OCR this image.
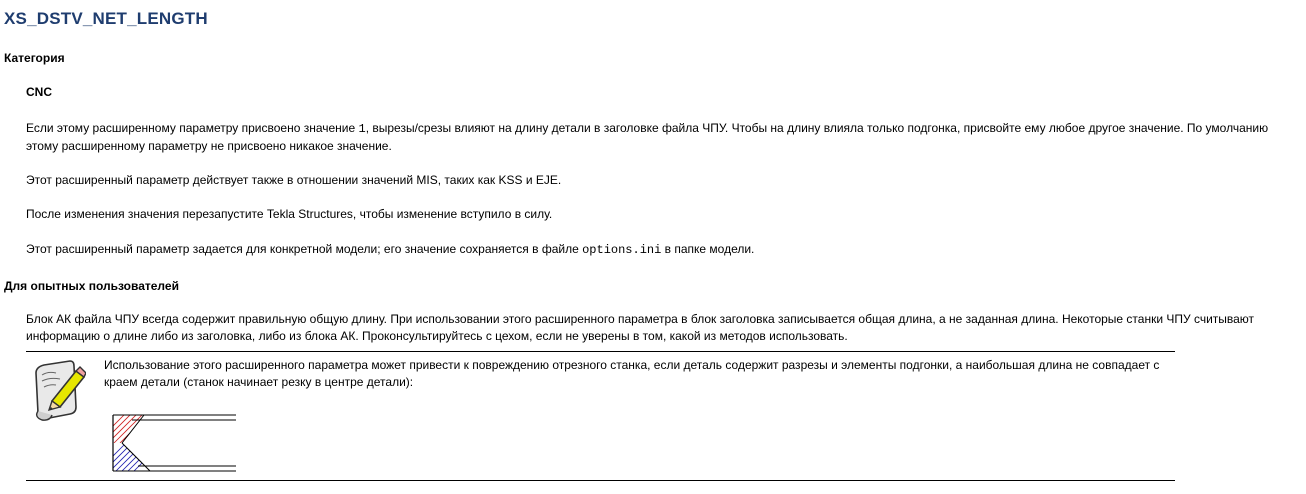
XS_DSTV_NET_LENGTH
Категория
CNC

Если этому расширенному параметру присвоено значение 1, вырезы/срезы влияют на длину детали в заголовке файла ЧПУ. Чтобы на длину влияла только подгонка, присвойте ему любое другое значение. По умолчанию этому расширенному параметру не присвоено никакое значение.

Этот расширенный параметр действует также в отношении значений MIS, таких как KSS и EJE.

После изменения значения перезапустите Tekla Structures, чтобы изменение вступило в силу.

Этот расширенный параметр задается для конкретной модели; его значение сохраняется в файле options.ini в папке модели.

Для опытных пользователей

Блок АК файла ЧПУ всегда содержит правильную общую длину. При использовании этого расширенного параметра в блок заголовка записывается общая длина, а не заданная длина. Некоторые станки ЧПУ считывают информацию о длине либо из заголовка, либо из блока АК. Проконсультируйтесь с цехом, если не уверены в том, какой из методов использовать.

Использование этого расширенного параметра может привести к повреждению отрезного станка, если деталь содержит разрезы и элементы подгонки, а наибольшая длина не совпадает с краем детали (станок начинает резку в центре детали):
